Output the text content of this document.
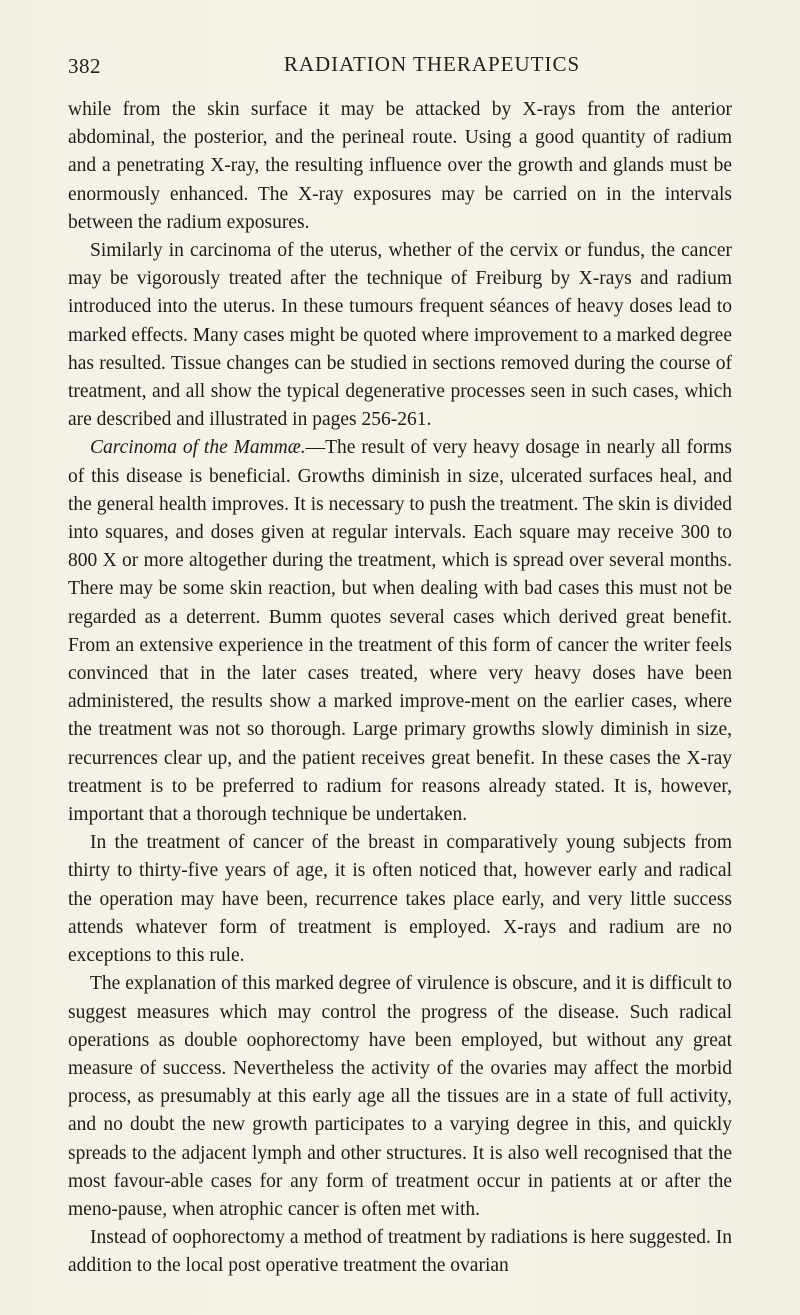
382	RADIATION THERAPEUTICS

while from the skin surface it may be attacked by X-rays from the anterior abdominal, the posterior, and the perineal route. Using a good quantity of radium and a penetrating X-ray, the resulting influence over the growth and glands must be enormously enhanced. The X-ray exposures may be carried on in the intervals between the radium exposures.

Similarly in carcinoma of the uterus, whether of the cervix or fundus, the cancer may be vigorously treated after the technique of Freiburg by X-rays and radium introduced into the uterus. In these tumours frequent séances of heavy doses lead to marked effects. Many cases might be quoted where improvement to a marked degree has resulted. Tissue changes can be studied in sections removed during the course of treatment, and all show the typical degenerative processes seen in such cases, which are described and illustrated in pages 256-261.

Carcinoma of the Mammæ.—The result of very heavy dosage in nearly all forms of this disease is beneficial. Growths diminish in size, ulcerated surfaces heal, and the general health improves. It is necessary to push the treatment. The skin is divided into squares, and doses given at regular intervals. Each square may receive 300 to 800 X or more altogether during the treatment, which is spread over several months. There may be some skin reaction, but when dealing with bad cases this must not be regarded as a deterrent. Bumm quotes several cases which derived great benefit. From an extensive experience in the treatment of this form of cancer the writer feels convinced that in the later cases treated, where very heavy doses have been administered, the results show a marked improve-ment on the earlier cases, where the treatment was not so thorough. Large primary growths slowly diminish in size, recurrences clear up, and the patient receives great benefit. In these cases the X-ray treatment is to be preferred to radium for reasons already stated. It is, however, important that a thorough technique be undertaken.

In the treatment of cancer of the breast in comparatively young subjects from thirty to thirty-five years of age, it is often noticed that, however early and radical the operation may have been, recurrence takes place early, and very little success attends whatever form of treatment is employed. X-rays and radium are no exceptions to this rule.

The explanation of this marked degree of virulence is obscure, and it is difficult to suggest measures which may control the progress of the disease. Such radical operations as double oophorectomy have been employed, but without any great measure of success. Nevertheless the activity of the ovaries may affect the morbid process, as presumably at this early age all the tissues are in a state of full activity, and no doubt the new growth participates to a varying degree in this, and quickly spreads to the adjacent lymph and other structures. It is also well recognised that the most favour-able cases for any form of treatment occur in patients at or after the meno-pause, when atrophic cancer is often met with.

Instead of oophorectomy a method of treatment by radiations is here suggested. In addition to the local post operative treatment the ovarian
